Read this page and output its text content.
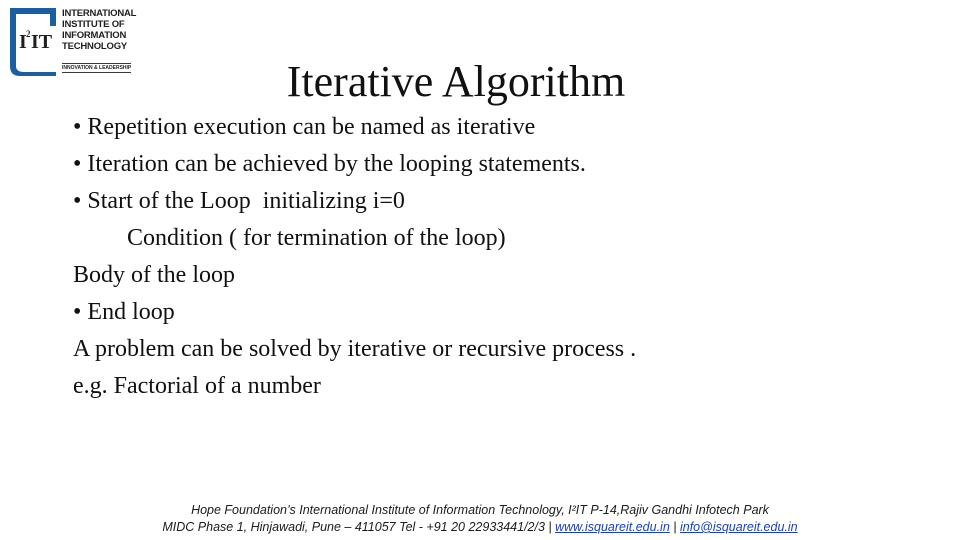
I 2 IT
INTERNATIONAL
INSTITUTE OF
INFORMATION
TECHNOLOGY
INNOVATION & LEADERSHIP	Iterative Algorithm
• Repetition execution can be named as iterative
• Iteration can be achieved by the looping statements.
• Start of the Loop  initializing i=0
Condition ( for termination of the loop)
Body of the loop
• End loop
A problem can be solved by iterative or recursive process .
e.g. Factorial of a number
Hope Foundation’s International Institute of Information Technology, I²IT P-14,Rajiv Gandhi Infotech Park
MIDC Phase 1, Hinjawadi, Pune – 411057 Tel - +91 20 22933441/2/3 | www.isquareit.edu.in | info@isquareit.edu.in
